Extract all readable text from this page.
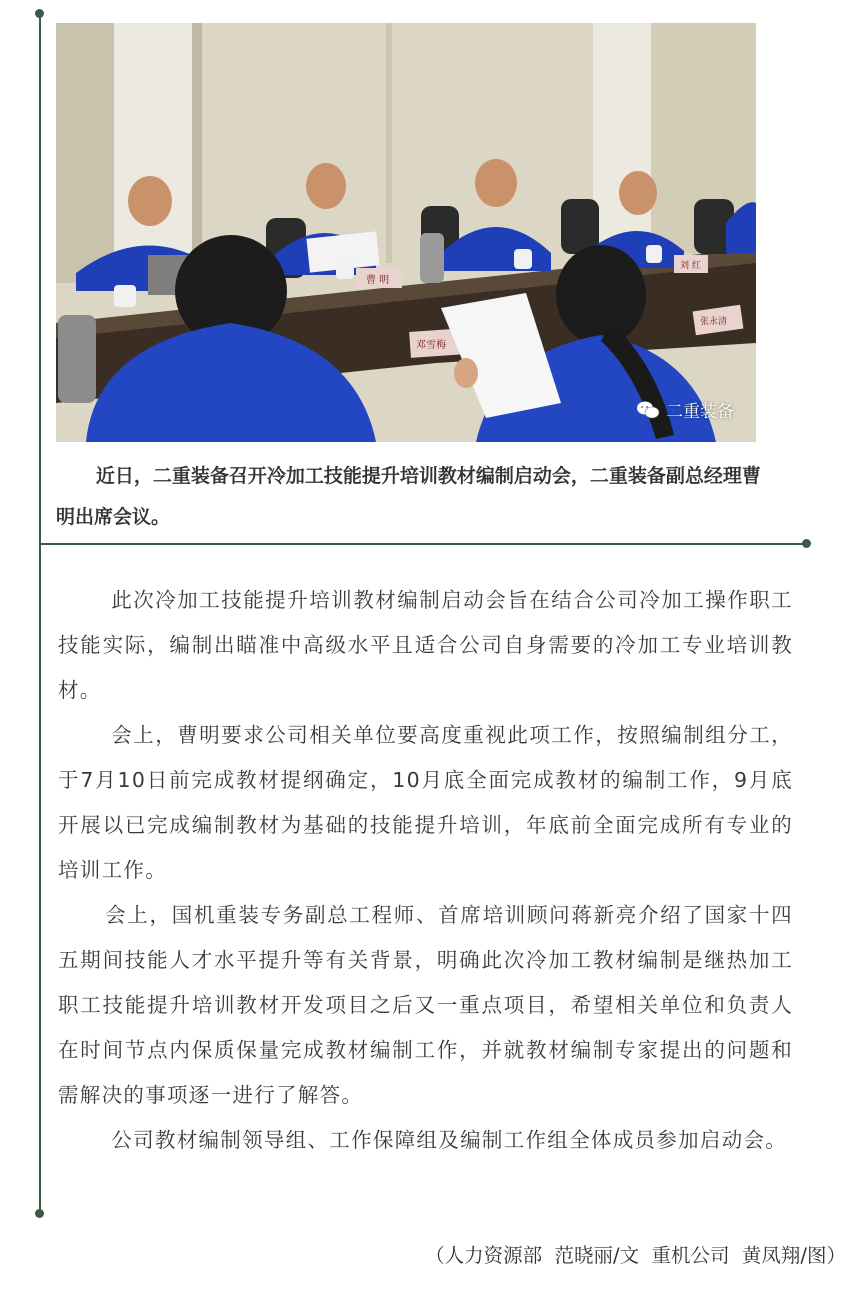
曹 明
刘 红
邓雪梅
张永清
二重装备

近日，二重装备召开冷加工技能提升培训教材编制启动会，二重装备副总经理曹明出席会议。

此次冷加工技能提升培训教材编制启动会旨在结合公司冷加工操作职工技能实际，编制出瞄准中高级水平且适合公司自身需要的冷加工专业培训教材。

会上，曹明要求公司相关单位要高度重视此项工作，按照编制组分工，于7月10日前完成教材提纲确定，10月底全面完成教材的编制工作，9月底开展以已完成编制教材为基础的技能提升培训，年底前全面完成所有专业的培训工作。

会上，国机重装专务副总工程师、首席培训顾问蒋新亮介绍了国家十四五期间技能人才水平提升等有关背景，明确此次冷加工教材编制是继热加工职工技能提升培训教材开发项目之后又一重点项目，希望相关单位和负责人在时间节点内保质保量完成教材编制工作，并就教材编制专家提出的问题和需解决的事项逐一进行了解答。

公司教材编制领导组、工作保障组及编制工作组全体成员参加启动会。

（人力资源部  范晓丽/文  重机公司  黄凤翔/图）
